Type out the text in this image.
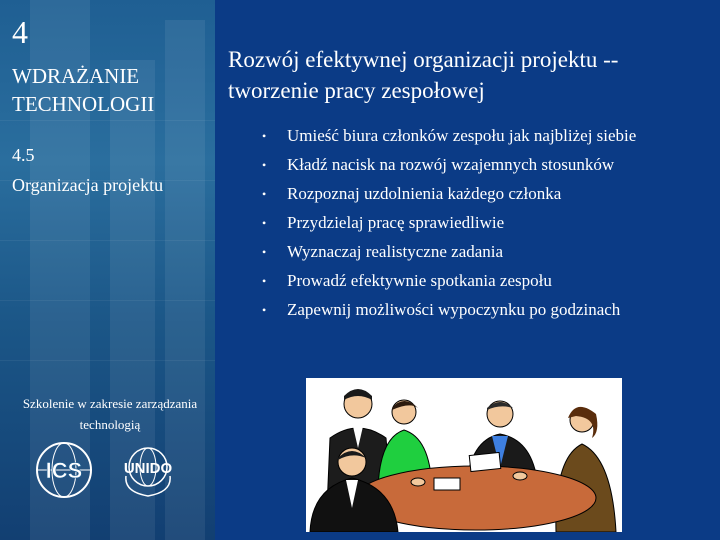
4
WDRAŻANIE TECHNOLOGII
4.5
Organizacja projektu
Szkolenie w zakresie zarządzania technologią
ICS	UNIDO
Rozwój efektywnej organizacji projektu -- tworzenie pracy zespołowej
• Umieść biura członków zespołu jak najbliżej siebie
• Kładź nacisk na rozwój wzajemnych stosunków
• Rozpoznaj uzdolnienia każdego członka
• Przydzielaj pracę sprawiedliwie
• Wyznaczaj realistyczne zadania
• Prowadź efektywnie spotkania zespołu
• Zapewnij możliwości wypoczynku po godzinach
